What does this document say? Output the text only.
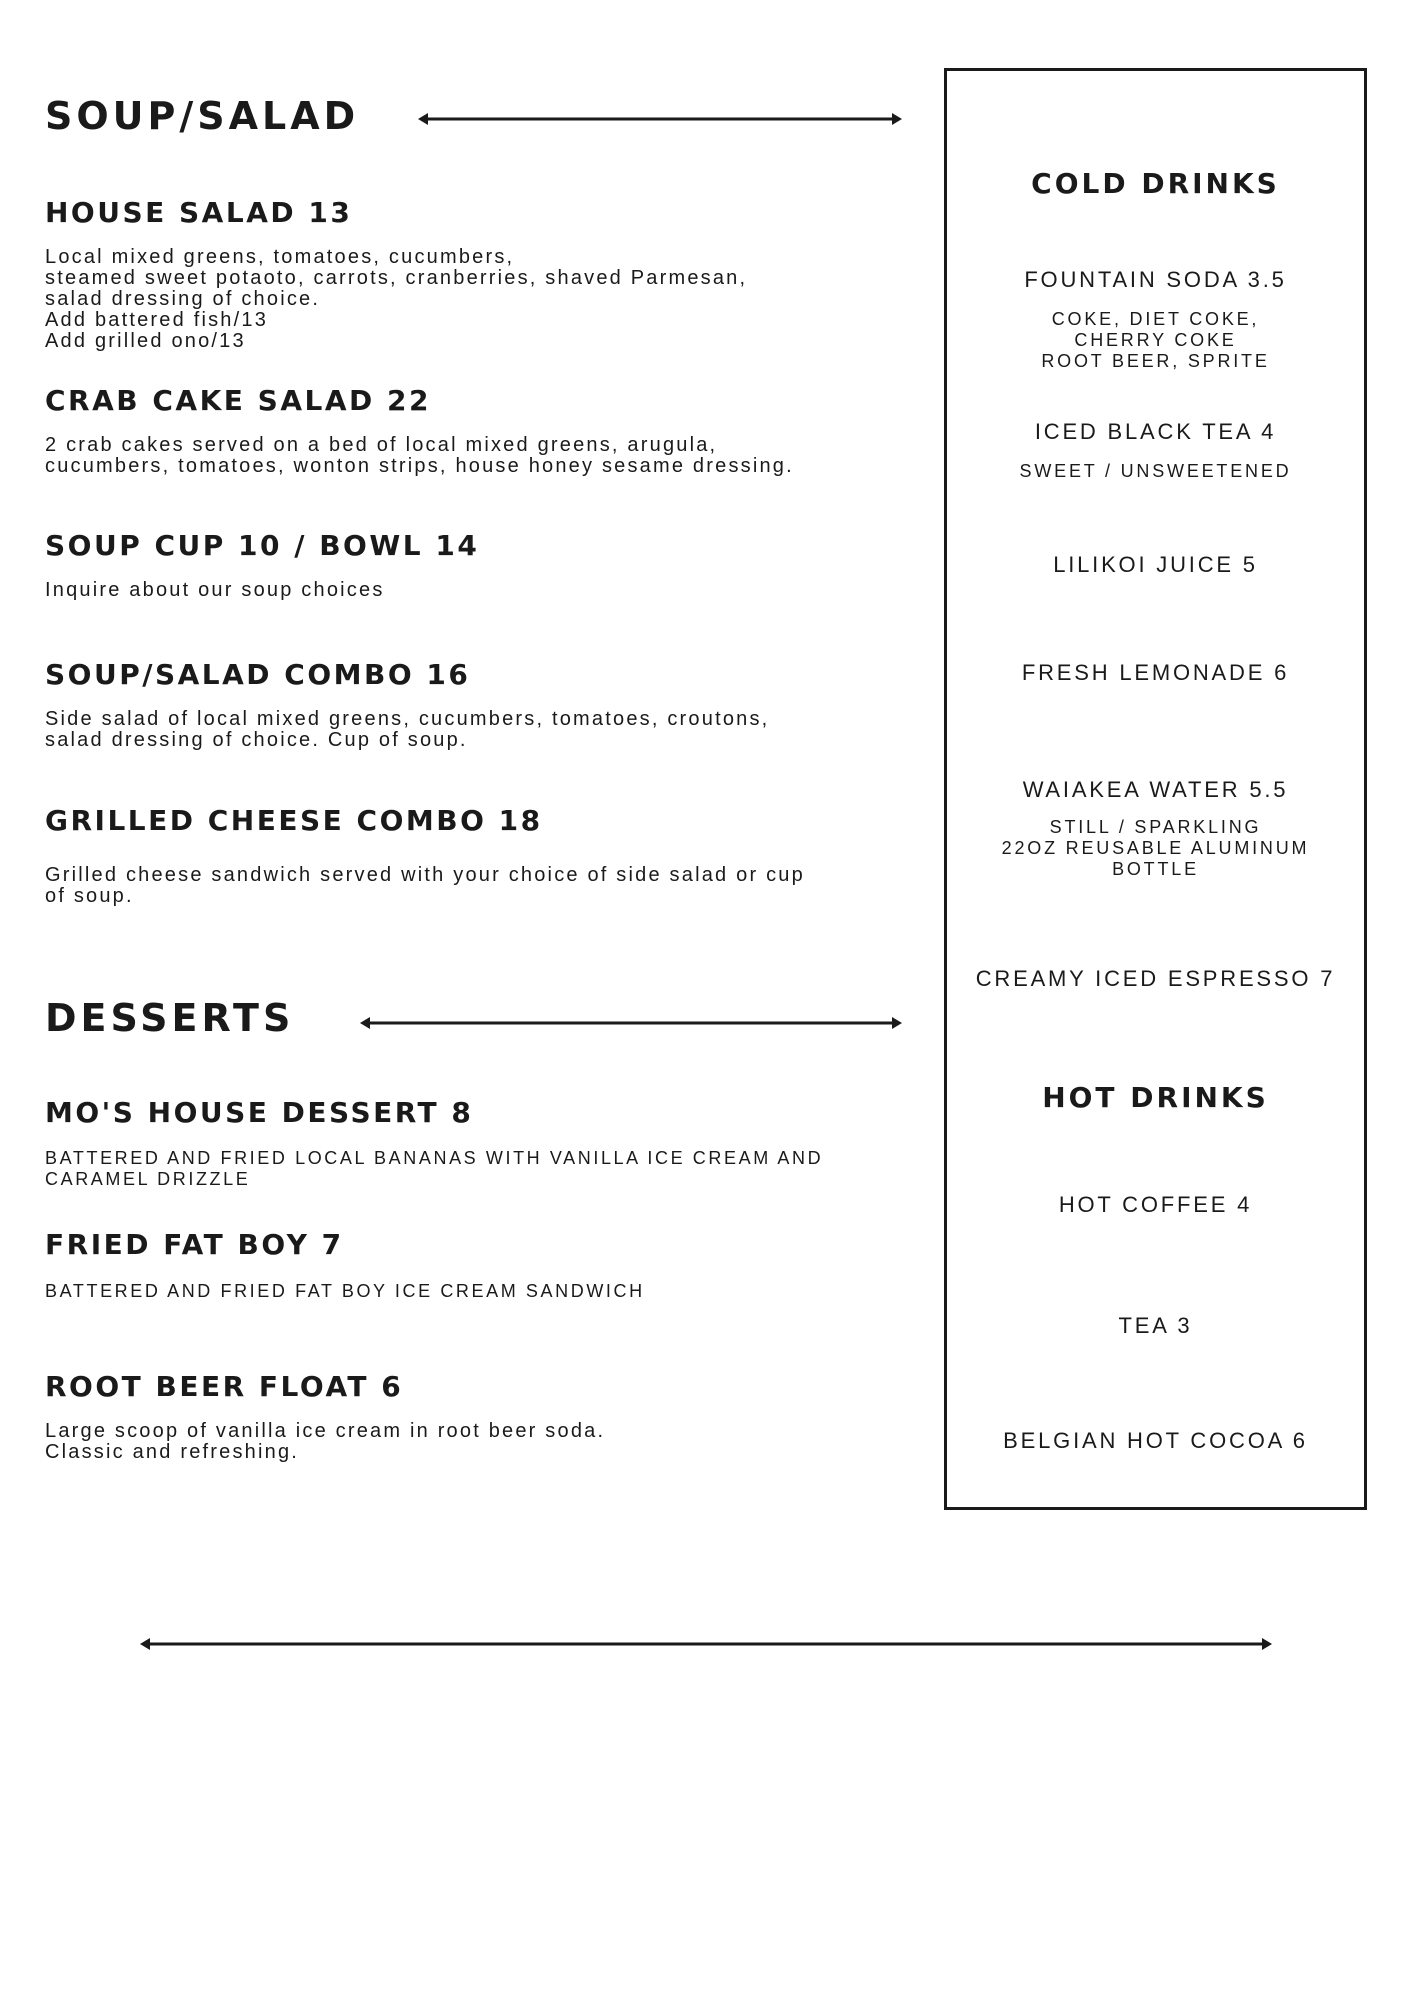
SOUP/SALAD
HOUSE SALAD 13

Local mixed greens, tomatoes, cucumbers,
steamed sweet potaoto, carrots, cranberries, shaved Parmesan,
salad dressing of choice.
Add battered fish/13
Add grilled ono/13

CRAB CAKE SALAD 22

2 crab cakes served on a bed of local mixed greens, arugula,
cucumbers, tomatoes, wonton strips, house honey sesame dressing.

SOUP CUP 10 / BOWL 14

Inquire about our soup choices

SOUP/SALAD COMBO 16

Side salad of local mixed greens, cucumbers, tomatoes, croutons,
salad dressing of choice. Cup of soup.

GRILLED CHEESE COMBO 18

Grilled cheese sandwich served with your choice of side salad or cup
of soup.

DESSERTS
MO'S HOUSE DESSERT 8

BATTERED AND FRIED LOCAL BANANAS WITH VANILLA ICE CREAM AND
CARAMEL DRIZZLE

FRIED FAT BOY 7

BATTERED AND FRIED FAT BOY ICE CREAM SANDWICH

ROOT BEER FLOAT 6

Large scoop of vanilla ice cream in root beer soda.
Classic and refreshing.

COLD DRINKS
FOUNTAIN SODA 3.5
COKE, DIET COKE,
CHERRY COKE
ROOT BEER, SPRITE
ICED BLACK TEA 4
SWEET / UNSWEETENED
LILIKOI JUICE 5
FRESH LEMONADE 6
WAIAKEA WATER 5.5
STILL / SPARKLING
22OZ REUSABLE ALUMINUM
BOTTLE
CREAMY ICED ESPRESSO 7
HOT DRINKS
HOT COFFEE 4
TEA 3
BELGIAN HOT COCOA 6
